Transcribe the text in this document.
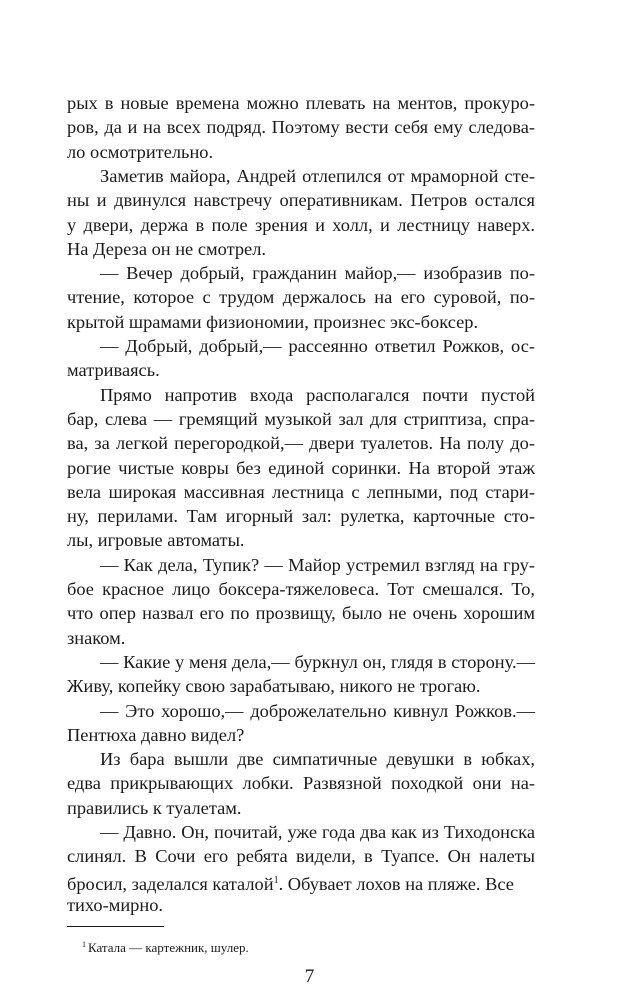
рых в новые времена можно плевать на ментов, прокуро-
ров, да и на всех подряд. Поэтому вести себя ему следова-
ло осмотрительно.
Заметив майора, Андрей отлепился от мраморной сте-
ны и двинулся навстречу оперативникам. Петров остался
у двери, держа в поле зрения и холл, и лестницу наверх.
На Дереза он не смотрел.
— Вечер добрый, гражданин майор,— изобразив по-
чтение, которое с трудом держалось на его суровой, по-
крытой шрамами физиономии, произнес экс-боксер.
— Добрый, добрый,— рассеянно ответил Рожков, ос-
матриваясь.
Прямо напротив входа располагался почти пустой
бар, слева — гремящий музыкой зал для стриптиза, спра-
ва, за легкой перегородкой,— двери туалетов. На полу до-
рогие чистые ковры без единой соринки. На второй этаж
вела широкая массивная лестница с лепными, под стари-
ну, перилами. Там игорный зал: рулетка, карточные сто-
лы, игровые автоматы.
— Как дела, Тупик? — Майор устремил взгляд на гру-
бое красное лицо боксера-тяжеловеса. Тот смешался. То,
что опер назвал его по прозвищу, было не очень хорошим
знаком.
— Какие у меня дела,— буркнул он, глядя в сторону.—
Живу, копейку свою зарабатываю, никого не трогаю.
— Это хорошо,— доброжелательно кивнул Рожков.—
Пентюха давно видел?
Из бара вышли две симпатичные девушки в юбках,
едва прикрывающих лобки. Развязной походкой они на-
правились к туалетам.
— Давно. Он, почитай, уже года два как из Тиходонска
слинял. В Сочи его ребята видели, в Туапсе. Он налеты
бросил, заделался каталой$^1$. Обувает лохов на пляже. Все
тихо-мирно.
$^1$ Катала — картежник, шулер.
7
